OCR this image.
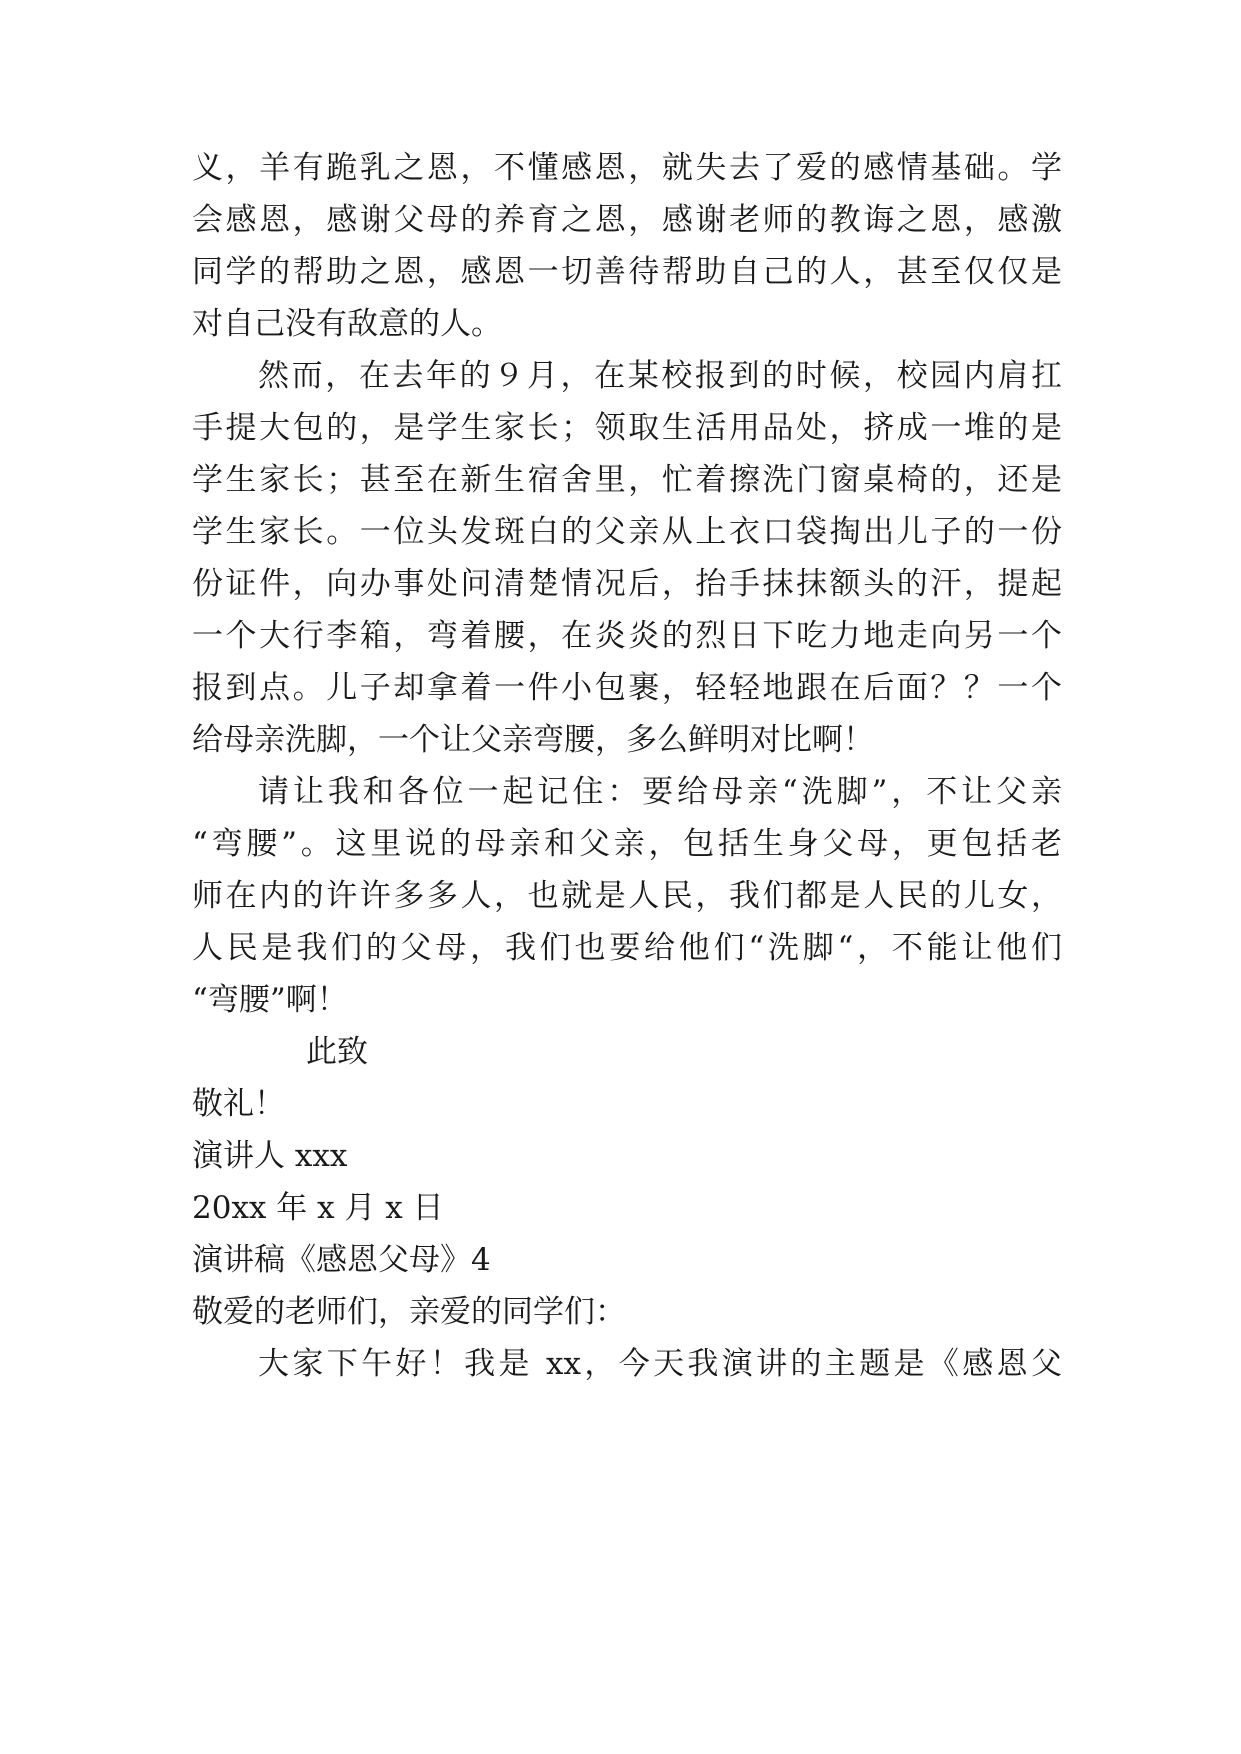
义，羊有跪乳之恩，不懂感恩，就失去了爱的感情基础。学
会感恩，感谢父母的养育之恩，感谢老师的教诲之恩，感激
同学的帮助之恩，感恩一切善待帮助自己的人，甚至仅仅是
对自己没有敌意的人。
然而，在去年的９月，在某校报到的时候，校园内肩扛
手提大包的，是学生家长；领取生活用品处，挤成一堆的是
学生家长；甚至在新生宿舍里，忙着擦洗门窗桌椅的，还是
学生家长。一位头发斑白的父亲从上衣口袋掏出儿子的一份
份证件，向办事处问清楚情况后，抬手抹抹额头的汗，提起
一个大行李箱，弯着腰，在炎炎的烈日下吃力地走向另一个
报到点。儿子却拿着一件小包裹，轻轻地跟在后面？？一个
给母亲洗脚，一个让父亲弯腰，多么鲜明对比啊！
请让我和各位一起记住：要给母亲“洗脚”，不让父亲
“弯腰”。这里说的母亲和父亲，包括生身父母，更包括老
师在内的许许多多人，也就是人民，我们都是人民的儿女，
人民是我们的父母，我们也要给他们“洗脚“，不能让他们
“弯腰”啊！
此致
敬礼！
演讲人 xxx
20xx 年 x 月 x 日
演讲稿《感恩父母》4
敬爱的老师们，亲爱的同学们：
大家下午好！我是 xx，今天我演讲的主题是《感恩父
